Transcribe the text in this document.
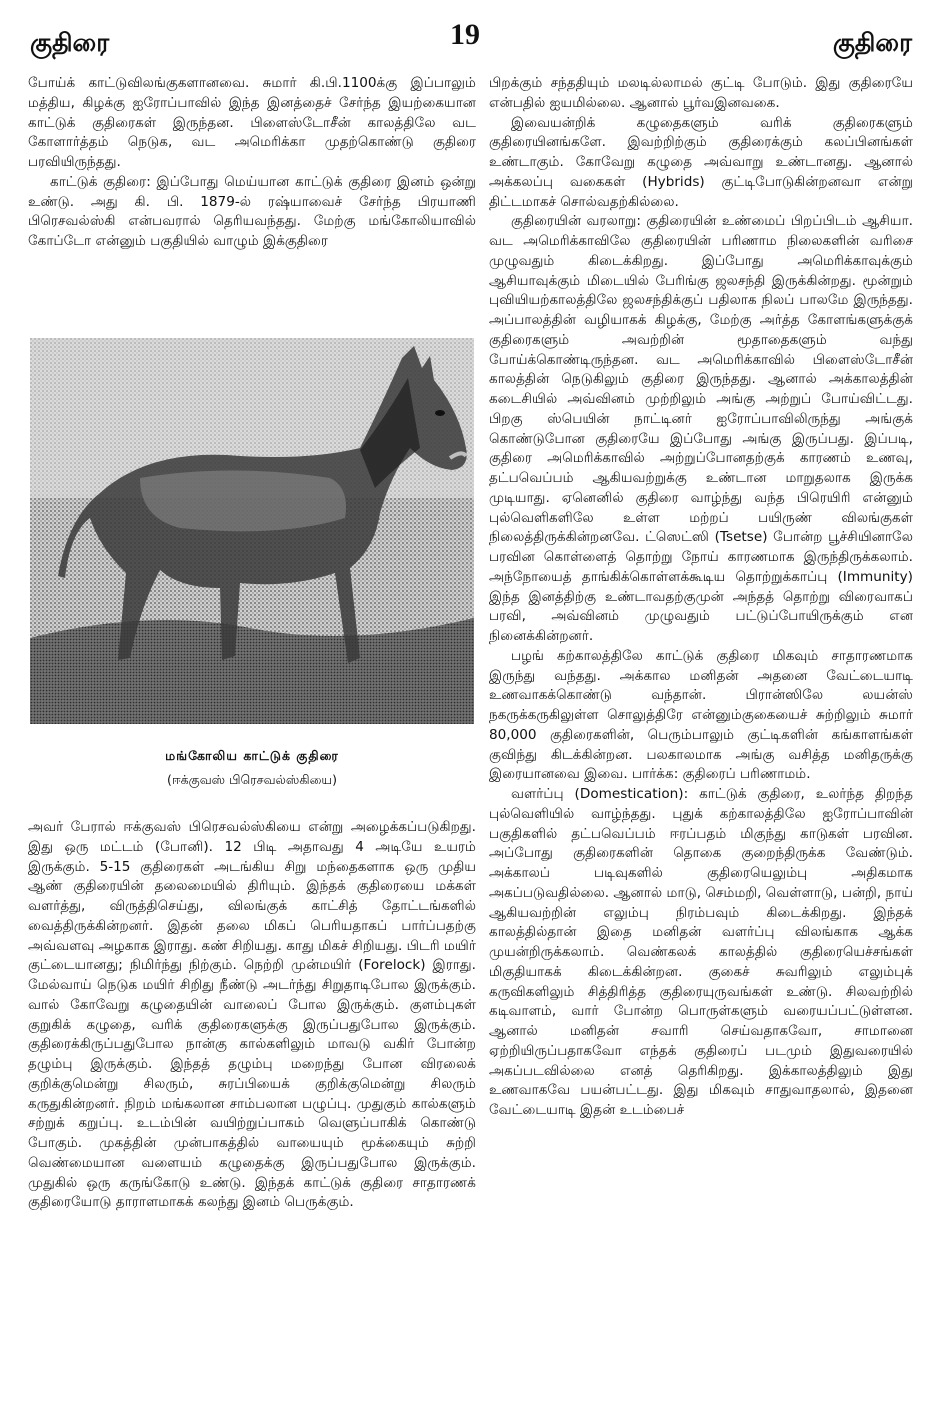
குதிரை	19	குதிரை

போய்க் காட்டுவிலங்குகளானவை. சுமார் கி.பி.1100க்கு இப்பாலும் மத்திய, கிழக்கு ஐரோப்பாவில் இந்த இனத்தைச் சேர்ந்த இயற்கையான காட்டுக் குதிரைகள் இருந்தன. பிளைஸ்டோசீன் காலத்திலே வட கோளார்த்தம் நெடுக, வட அமெரிக்கா முதற்கொண்டு குதிரை பரவியிருந்தது.

காட்டுக் குதிரை: இப்போது மெய்யான காட்டுக் குதிரை இனம் ஒன்று உண்டு. அது கி. பி. 1879-ல் ரஷ்யாவைச் சேர்ந்த பிரயாணி பிரெசவல்ஸ்கி என்பவரால் தெரியவந்தது. மேற்கு மங்கோலியாவில் கோப்டோ என்னும் பகுதியில் வாழும் இக்குதிரை

மங்கோலிய காட்டுக் குதிரை
(ஈக்குவஸ் பிரெசவல்ஸ்கியை)

அவர் பேரால் ஈக்குவஸ் பிரெசவல்ஸ்கியை என்று அழைக்கப்படுகிறது. இது ஒரு மட்டம் (போனி). 12 பிடி அதாவது 4 அடியே உயரம் இருக்கும். 5-15 குதிரைகள் அடங்கிய சிறு மந்தைகளாக ஒரு முதிய ஆண் குதிரையின் தலைமையில் திரியும். இந்தக் குதிரையை மக்கள் வளர்த்து, விருத்திசெய்து, விலங்குக் காட்சித் தோட்டங்களில் வைத்திருக்கின்றனர். இதன் தலை மிகப் பெரியதாகப் பார்ப்பதற்கு அவ்வளவு அழகாக இராது. கண் சிறியது. காது மிகச் சிறியது. பிடரி மயிர் குட்டையானது; நிமிர்ந்து நிற்கும். நெற்றி முன்மயிர் (Forelock) இராது. மேல்வாய் நெடுக மயிர் சிறிது நீண்டு அடர்ந்து சிறுதாடிபோல இருக்கும். வால் கோவேறு கழுதையின் வாலைப் போல இருக்கும். குளம்புகள் குறுகிக் கழுதை, வரிக் குதிரைகளுக்கு இருப்பதுபோல இருக்கும். குதிரைக்கிருப்பதுபோல நான்கு கால்களிலும் மாவடு வகிர் போன்ற தழும்பு இருக்கும். இந்தத் தழும்பு மறைந்து போன விரலைக் குறிக்குமென்று சிலரும், சுரப்பியைக் குறிக்குமென்று சிலரும் கருதுகின்றனர். நிறம் மங்கலான சாம்பலான பழுப்பு. முதுகும் கால்களும் சற்றுக் கறுப்பு. உடம்பின் வயிற்றுப்பாகம் வெளுப்பாகிக் கொண்டு போகும். முகத்தின் முன்பாகத்தில் வாயையும் மூக்கையும் சுற்றி வெண்மையான வளையம் கழுதைக்கு இருப்பதுபோல இருக்கும். முதுகில் ஒரு கருங்கோடு உண்டு. இந்தக் காட்டுக் குதிரை சாதாரணக் குதிரையோடு தாராளமாகக் கலந்து இனம் பெருக்கும்.

பிறக்கும் சந்ததியும் மலடில்லாமல் குட்டி போடும். இது குதிரையே என்பதில் ஐயமில்லை. ஆனால் பூர்வஇனவகை.

இவையன்றிக் கழுதைகளும் வரிக் குதிரைகளும் குதிரையினங்களே. இவற்றிற்கும் குதிரைக்கும் கலப்பினங்கள் உண்டாகும். கோவேறு கழுதை அவ்வாறு உண்டானது. ஆனால் அக்கலப்பு வகைகள் (Hybrids) குட்டிபோடுகின்றனவா என்று திட்டமாகச் சொல்வதற்கில்லை.

குதிரையின் வரலாறு: குதிரையின் உண்மைப் பிறப்பிடம் ஆசியா. வட அமெரிக்காவிலே குதிரையின் பரிணாம நிலைகளின் வரிசை முழுவதும் கிடைக்கிறது. இப்போது அமெரிக்காவுக்கும் ஆசியாவுக்கும் மிடையில் பேரிங்கு ஜலசந்தி இருக்கின்றது. மூன்றும் புவியியற்காலத்திலே ஜலசந்திக்குப் பதிலாக நிலப் பாலமே இருந்தது. அப்பாலத்தின் வழியாகக் கிழக்கு, மேற்கு அர்த்த கோளங்களுக்குக் குதிரைகளும் அவற்றின் மூதாதைகளும் வந்து போய்க்கொண்டிருந்தன. வட அமெரிக்காவில் பிளைஸ்டோசீன் காலத்தின் நெடுகிலும் குதிரை இருந்தது. ஆனால் அக்காலத்தின் கடைசியில் அவ்வினம் முற்றிலும் அங்கு அற்றுப் போய்விட்டது. பிறகு ஸ்பெயின் நாட்டினர் ஐரோப்பாவிலிருந்து அங்குக் கொண்டுபோன குதிரையே இப்போது அங்கு இருப்பது. இப்படி, குதிரை அமெரிக்காவில் அற்றுப்போனதற்குக் காரணம் உணவு, தட்பவெப்பம் ஆகியவற்றுக்கு உண்டான மாறுதலாக இருக்க முடியாது. ஏனெனில் குதிரை வாழ்ந்து வந்த பிரெயிரி என்னும் புல்வெளிகளிலே உள்ள மற்றப் பயிருண் விலங்குகள் நிலைத்திருக்கின்றனவே. ட்ஸெட்ஸி (Tsetse) போன்ற பூச்சியினாலே பரவின கொள்ளைத் தொற்று நோய் காரணமாக இருந்திருக்கலாம். அந்நோயைத் தாங்கிக்கொள்ளக்கூடிய தொற்றுக்காப்பு (Immunity) இந்த இனத்திற்கு உண்டாவதற்குமுன் அந்தத் தொற்று விரைவாகப் பரவி, அவ்வினம் முழுவதும் பட்டுப்போயிருக்கும் என நினைக்கின்றனர்.

பழங் கற்காலத்திலே காட்டுக் குதிரை மிகவும் சாதாரணமாக இருந்து வந்தது. அக்கால மனிதன் அதனை வேட்டையாடி உணவாகக்கொண்டு வந்தான். பிரான்ஸிலே லயன்ஸ் நகருக்கருகிலுள்ள சொலுத்திரே என்னும்குகையைச் சுற்றிலும் சுமார் 80,000 குதிரைகளின், பெரும்பாலும் குட்டிகளின் கங்காளங்கள் குவிந்து கிடக்கின்றன. பலகாலமாக அங்கு வசித்த மனிதருக்கு இரையானவை இவை. பார்க்க: குதிரைப் பரிணாமம்.

வளர்ப்பு (Domestication): காட்டுக் குதிரை, உலர்ந்த திறந்த புல்வெளியில் வாழ்ந்தது. புதுக் கற்காலத்திலே ஐரோப்பாவின் பகுதிகளில் தட்பவெப்பம் ஈரப்பதம் மிகுந்து காடுகள் பரவின. அப்போது குதிரைகளின் தொகை குறைந்திருக்க வேண்டும். அக்காலப் படிவுகளில் குதிரையெலும்பு அதிகமாக அகப்படுவதில்லை. ஆனால் மாடு, செம்மறி, வெள்ளாடு, பன்றி, நாய் ஆகியவற்றின் எலும்பு நிரம்பவும் கிடைக்கிறது. இந்தக் காலத்தில்தான் இதை மனிதன் வளர்ப்பு விலங்காக ஆக்க முயன்றிருக்கலாம். வெண்கலக் காலத்தில் குதிரையெச்சங்கள் மிகுதியாகக் கிடைக்கின்றன. குகைச் சுவரிலும் எலும்புக் கருவிகளிலும் சித்திரித்த குதிரையுருவங்கள் உண்டு. சிலவற்றில் கடிவாளம், வார் போன்ற பொருள்களும் வரையப்பட்டுள்ளன. ஆனால் மனிதன் சவாரி செய்வதாகவோ, சாமானை ஏற்றியிருப்பதாகவோ எந்தக் குதிரைப் படமும் இதுவரையில் அகப்படவில்லை எனத் தெரிகிறது. இக்காலத்திலும் இது உணவாகவே பயன்பட்டது. இது மிகவும் சாதுவாதலால், இதனை வேட்டையாடி இதன் உடம்பைச்
